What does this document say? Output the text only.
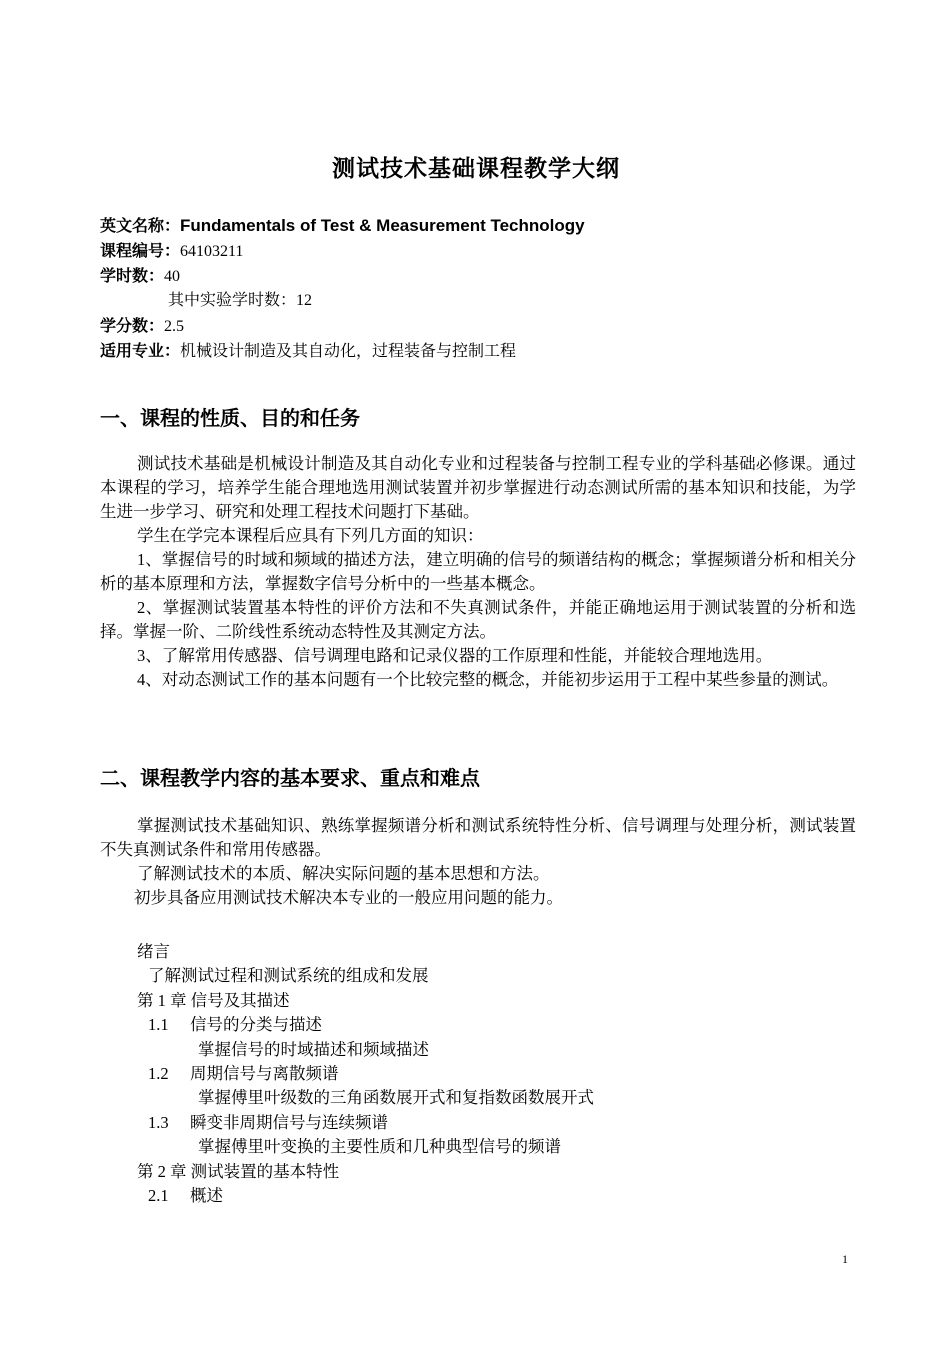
测试技术基础课程教学大纲
英文名称：Fundamentals of Test & Measurement Technology
课程编号：64103211
学时数：40
其中实验学时数：12
学分数：2.5
适用专业：机械设计制造及其自动化，过程装备与控制工程
一、课程的性质、目的和任务

测试技术基础是机械设计制造及其自动化专业和过程装备与控制工程专业的学科基础必修课。通过本课程的学习，培养学生能合理地选用测试装置并初步掌握进行动态测试所需的基本知识和技能，为学生进一步学习、研究和处理工程技术问题打下基础。

学生在学完本课程后应具有下列几方面的知识：

1、掌握信号的时域和频域的描述方法，建立明确的信号的频谱结构的概念；掌握频谱分析和相关分析的基本原理和方法，掌握数字信号分析中的一些基本概念。

2、掌握测试装置基本特性的评价方法和不失真测试条件，并能正确地运用于测试装置的分析和选择。掌握一阶、二阶线性系统动态特性及其测定方法。

3、了解常用传感器、信号调理电路和记录仪器的工作原理和性能，并能较合理地选用。

4、对动态测试工作的基本问题有一个比较完整的概念，并能初步运用于工程中某些参量的测试。

二、课程教学内容的基本要求、重点和难点

掌握测试技术基础知识、熟练掌握频谱分析和测试系统特性分析、信号调理与处理分析，测试装置不失真测试条件和常用传感器。

了解测试技术的本质、解决实际问题的基本思想和方法。

初步具备应用测试技术解决本专业的一般应用问题的能力。

绪言
了解测试过程和测试系统的组成和发展
第 1 章 信号及其描述
1.1 信号的分类与描述
掌握信号的时域描述和频域描述
1.2 周期信号与离散频谱
掌握傅里叶级数的三角函数展开式和复指数函数展开式
1.3 瞬变非周期信号与连续频谱
掌握傅里叶变换的主要性质和几种典型信号的频谱
第 2 章 测试装置的基本特性
2.1 概述
1
